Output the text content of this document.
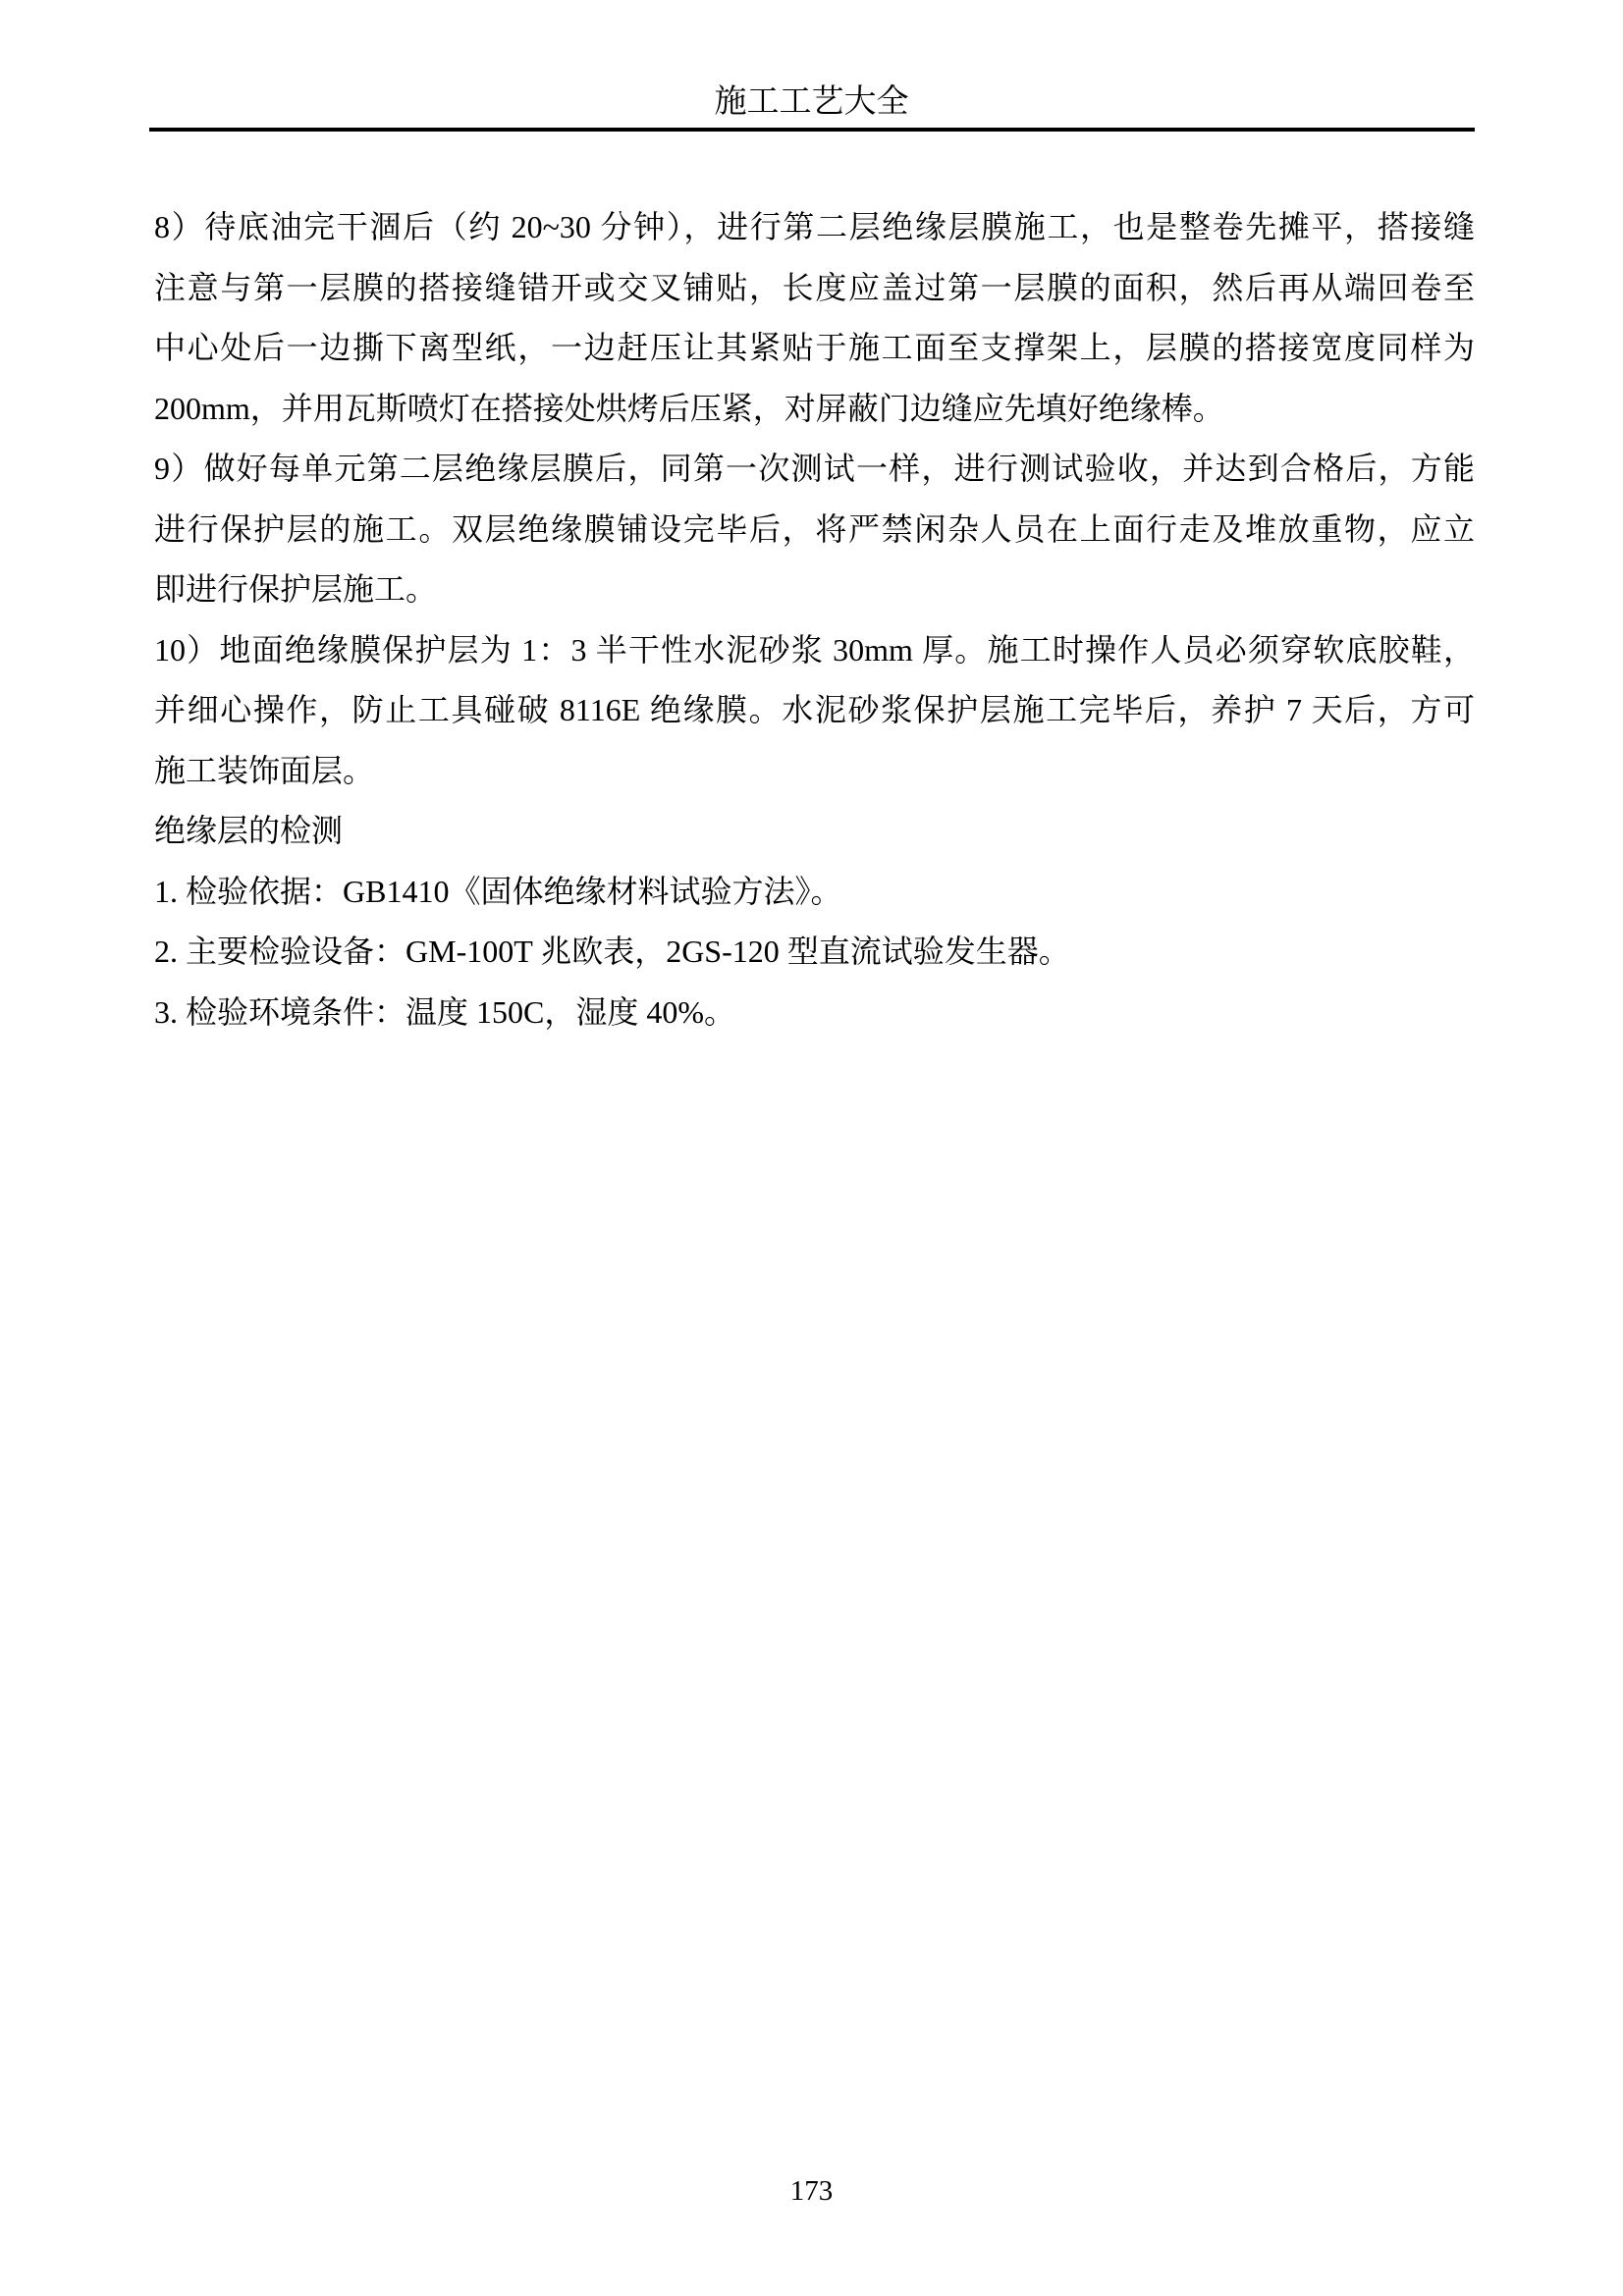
施工工艺大全
8）待底油完干涸后（约 20~30 分钟），进行第二层绝缘层膜施工，也是整卷先摊平，搭接缝
注意与第一层膜的搭接缝错开或交叉铺贴，长度应盖过第一层膜的面积，然后再从端回卷至
中心处后一边撕下离型纸，一边赶压让其紧贴于施工面至支撑架上，层膜的搭接宽度同样为
200mm，并用瓦斯喷灯在搭接处烘烤后压紧，对屏蔽门边缝应先填好绝缘棒。
9）做好每单元第二层绝缘层膜后，同第一次测试一样，进行测试验收，并达到合格后，方能
进行保护层的施工。双层绝缘膜铺设完毕后，将严禁闲杂人员在上面行走及堆放重物，应立
即进行保护层施工。
10）地面绝缘膜保护层为 1：3 半干性水泥砂浆 30mm 厚。施工时操作人员必须穿软底胶鞋，
并细心操作，防止工具碰破 8116E 绝缘膜。水泥砂浆保护层施工完毕后，养护 7 天后，方可
施工装饰面层。
绝缘层的检测
1. 检验依据：GB1410《固体绝缘材料试验方法》。
2. 主要检验设备：GM-100T 兆欧表，2GS-120 型直流试验发生器。
3. 检验环境条件：温度 150C，湿度 40%。
173
